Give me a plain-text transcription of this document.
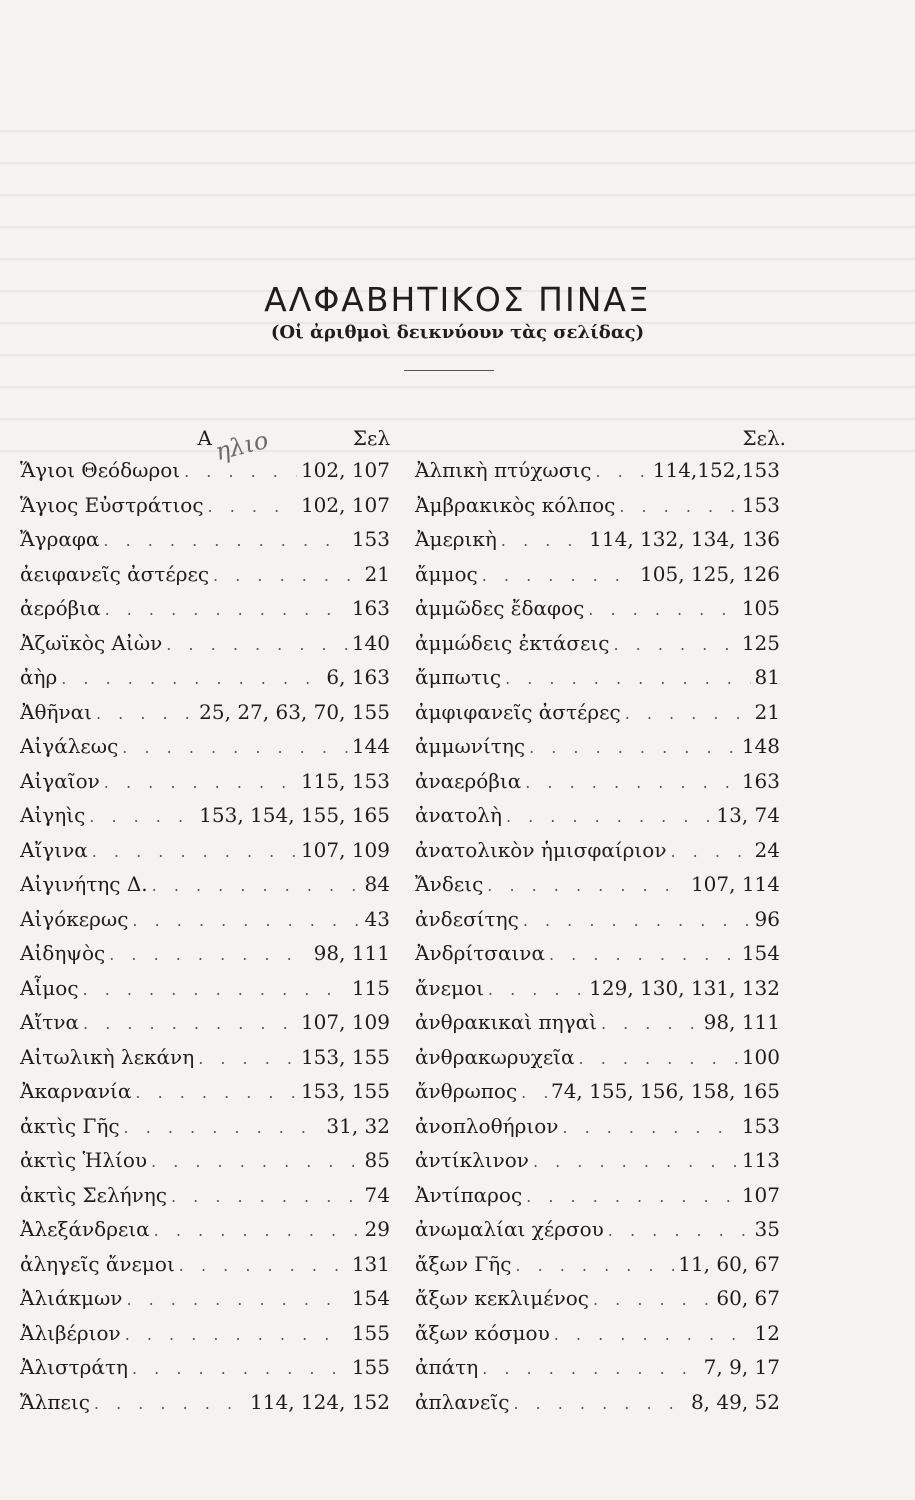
ΑΛΦΑΒΗΤΙΚΟΣ ΠΙΝΑΞ
(Οἱ ἀριθμοὶ δεικνύουν τὰς σελίδας)
ηλιο
Α	Σελ
Ἅγιοι Θεόδωροι . . .	102, 107
Ἅγιος Εὐστράτιος . . .	102, 107
Ἄγραφα . . .	153
ἀειφανεῖς ἀστέρες . . .	21
ἀερόβια . . .	163
Ἀζωϊκὸς Αἰὼν . . .	140
ἀὴρ . . .	6, 163
Ἀθῆναι . . .	25, 27, 63, 70, 155
Αἰγάλεως . . .	144
Αἰγαῖον . . .	115, 153
Αἰγηὶς . . .	153, 154, 155, 165
Αἴγινα . . .	107, 109
Αἰγινήτης Δ. . . .	84
Αἰγόκερως . . .	43
Αἰδηψὸς . . .	98, 111
Αἷμος . . .	115
Αἴτνα . . .	107, 109
Αἰτωλικὴ λεκάνη . . .	153, 155
Ἀκαρνανία . . .	153, 155
ἀκτὶς Γῆς . . .	31, 32
ἀκτὶς Ἡλίου . . .	85
ἀκτὶς Σελήνης . . .	74
Ἀλεξάνδρεια . . .	29
ἀληγεῖς ἄνεμοι . . .	131
Ἀλιάκμων . . .	154
Ἀλιβέριον . . .	155
Ἀλιστράτη . . .	155
Ἄλπεις . . .	114, 124, 152
Σελ.
Ἀλπικὴ πτύχωσις . . .	114,152,153
Ἀμβρακικὸς κόλπος . . .	153
Ἀμερικὴ . . .	114, 132, 134, 136
ἄμμος . . .	105, 125, 126
ἀμμῶδες ἔδαφος . . .	105
ἀμμώδεις ἐκτάσεις . . .	125
ἄμπωτις . . .	81
ἀμφιφανεῖς ἀστέρες . . .	21
ἀμμωνίτης . . .	148
ἀναερόβια . . .	163
ἀνατολὴ . . .	13, 74
ἀνατολικὸν ἡμισφαίριον . . .	24
Ἄνδεις . . .	107, 114
ἀνδεσίτης . . .	96
Ἀνδρίτσαινα . . .	154
ἄνεμοι . . .	129, 130, 131, 132
ἀνθρακικαὶ πηγαὶ . . .	98, 111
ἀνθρακωρυχεῖα . . .	100
ἄνθρωπος . . . 74, 155, 156, 158, 165
ἀνοπλοθήριον . . .	153
ἀντίκλινον . . .	113
Ἀντίπαρος . . .	107
ἀνωμαλίαι χέρσου . . .	35
ἄξων Γῆς . . .	11, 60, 67
ἄξων κεκλιμένος . . .	60, 67
ἄξων κόσμου . . .	12
ἀπάτη . . .	7, 9, 17
ἀπλανεῖς . . .	8, 49, 52
